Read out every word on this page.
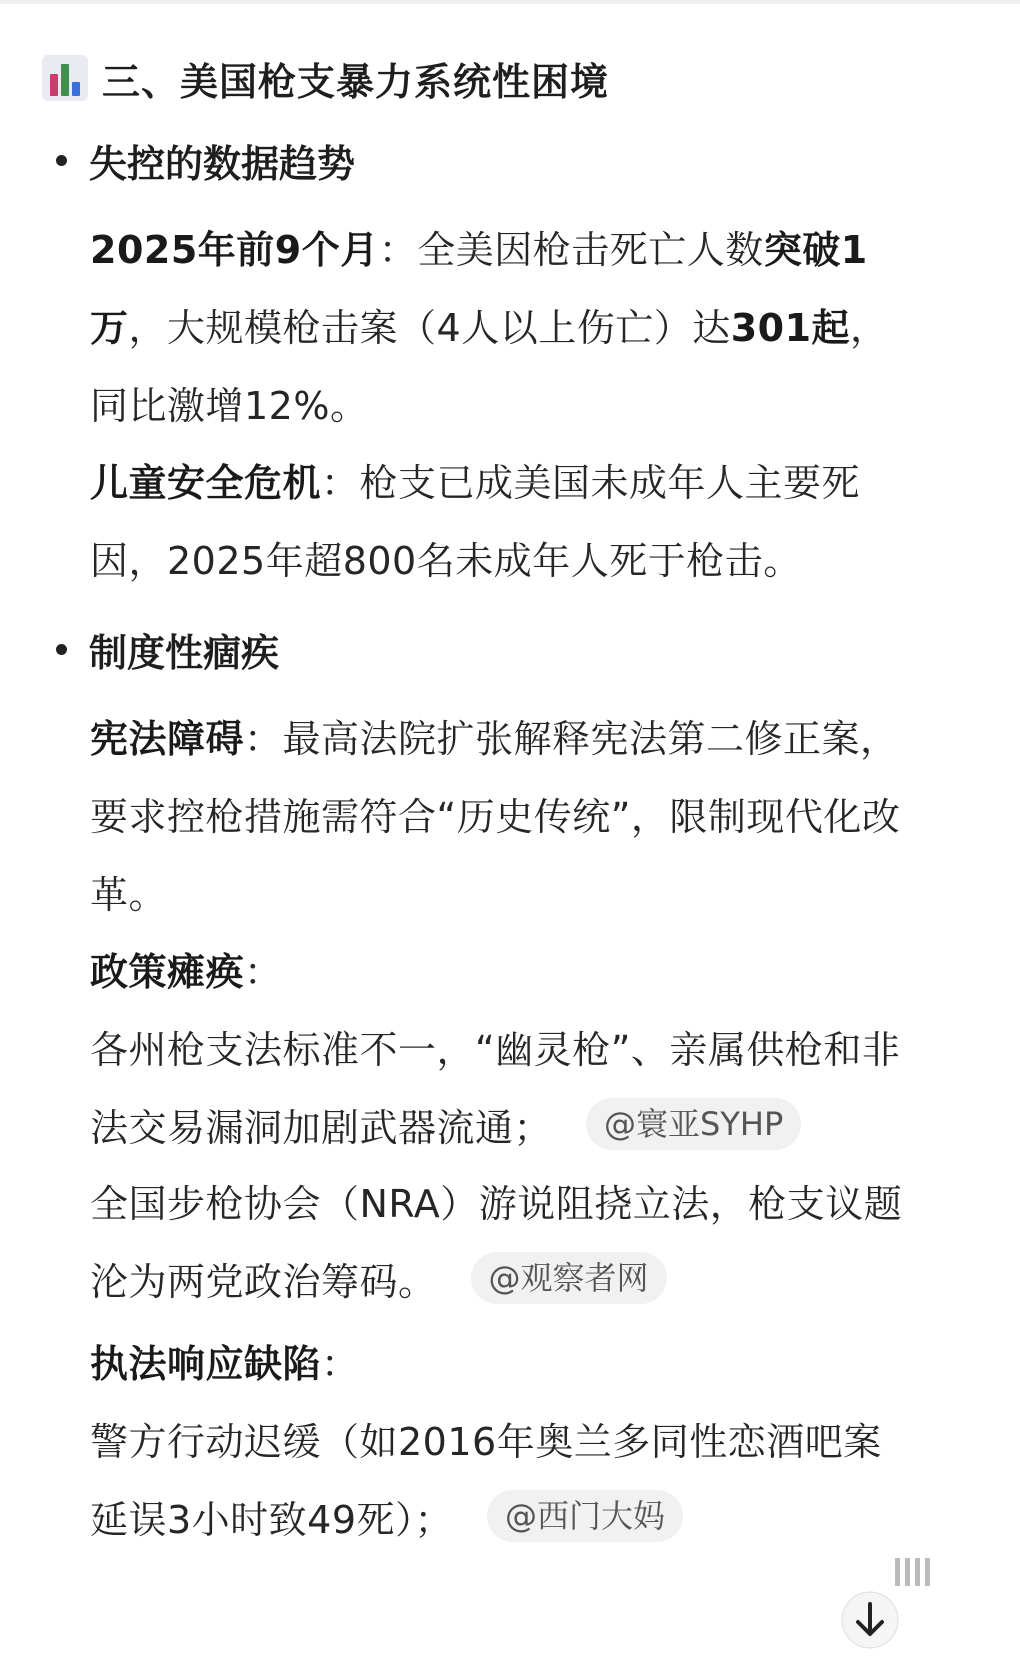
三、美国枪支暴力系统性困境
失控的数据趋势
2025年前9个月：全美因枪击死亡人数突破1
万，大规模枪击案（4人以上伤亡）达301起，
同比激增12%。
儿童安全危机：枪支已成美国未成年人主要死
因，2025年超800名未成年人死于枪击。
制度性痼疾
宪法障碍：最高法院扩张解释宪法第二修正案，
要求控枪措施需符合“历史传统”，限制现代化改
革。
政策瘫痪：
各州枪支法标准不一，“幽灵枪”、亲属供枪和非
法交易漏洞加剧武器流通； @寰亚SYHP
全国步枪协会（NRA）游说阻挠立法，枪支议题
沦为两党政治筹码。 @观察者网
执法响应缺陷：
警方行动迟缓（如2016年奥兰多同性恋酒吧案
延误3小时致49死）； @西门大妈
